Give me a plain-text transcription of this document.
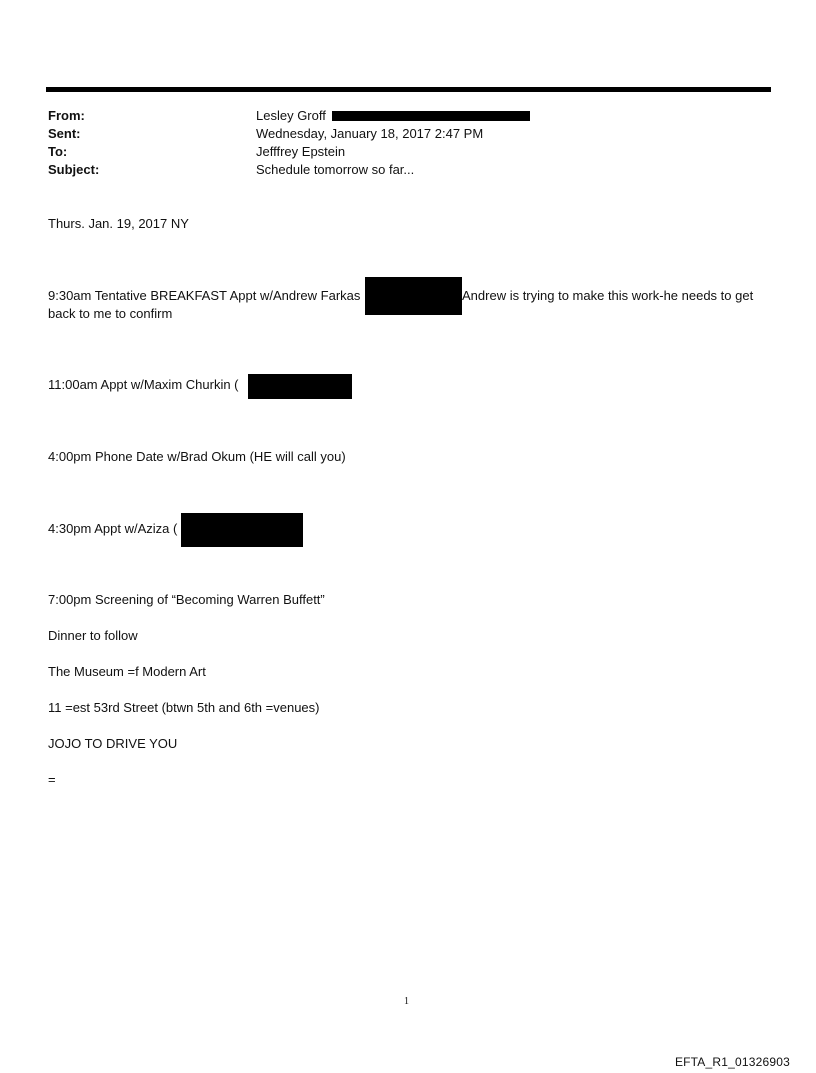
From:	Lesley Groff
Sent:	Wednesday, January 18, 2017 2:47 PM
To:	Jefffrey Epstein
Subject:	Schedule tomorrow so far...
Thurs. Jan. 19, 2017 NY
9:30am Tentative BREAKFAST Appt w/Andrew Farkas	Andrew is trying to make this work-he needs to get
back to me to confirm
11:00am Appt w/Maxim Churkin (
4:00pm Phone Date w/Brad Okum (HE will call you)
4:30pm Appt w/Aziza (
7:00pm Screening of “Becoming Warren Buffett”
Dinner to follow
The Museum =f Modern Art
11 =est 53rd Street (btwn 5th and 6th =venues)
JOJO TO DRIVE YOU
=
1
EFTA_R1_01326903
